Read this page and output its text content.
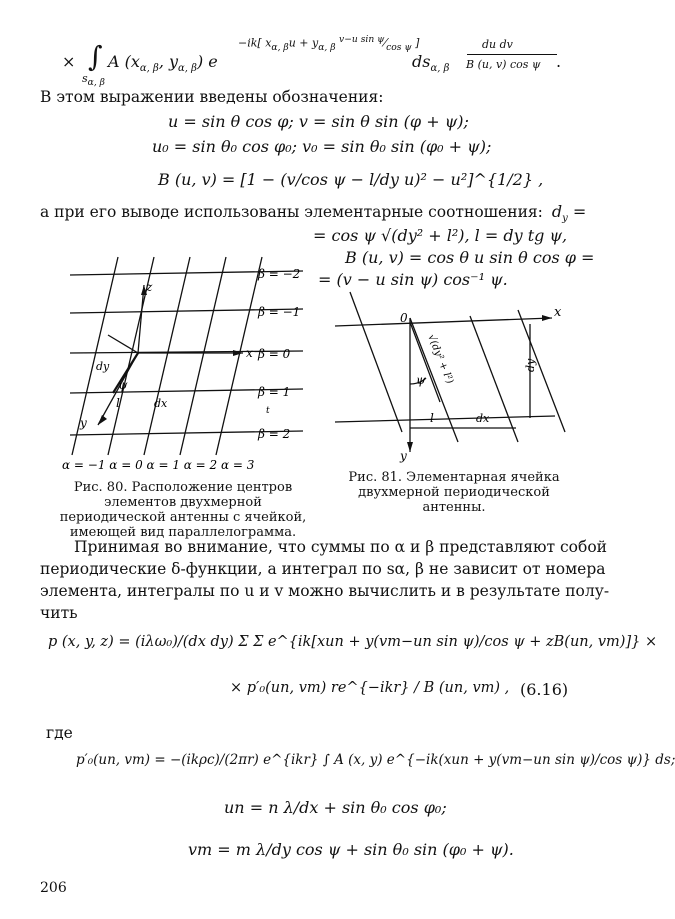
× ∫
$s_{\alpha, \beta}$
A ($x_{\alpha, \beta}$, $y_{\alpha, \beta}$) e
−ik[ $x_{\alpha, \beta}u + y_{\alpha, \beta}$ $^{v-u sin \psi}⁄_{cos \psi}$ ]
$ds_{\alpha, \beta}$
du dv
B (u, v) cos ψ .
В этом выражении введены обозначения:
u = sin θ cos φ; v = sin θ sin (φ + ψ);
u₀ = sin θ₀ cos φ₀; v₀ = sin θ₀ sin (φ₀ + ψ);
B (u, v) = [1 − (v/cos ψ − l/dy u)² − u²]^{1/2} ,
а при его выводе использованы элементарные соотношения: $d_y$ =
= cos ψ √(dy² + l²), l = dy tg ψ,
B (u, v) = cos θ и sin θ cos φ =
= (v − u sin ψ) cos⁻¹ ψ.
z
x
y
dy
ψ
l	dx
t
β = −2
β = −1
β = 0
β = 1
β = 2
α = −1 α = 0 α = 1 α = 2 α = 3
Рис. 80. Расположение центров элементов двухмерной периодической антенны с ячейкой, имеющей вид параллелограмма.
0	x
y
√(dy² + l²)	dy
ψ
l	dx
Рис. 81. Элементарная ячейка двухмерной периодической антенны.
Принимая во внимание, что суммы по α и β представляют собой
периодические δ-функции, а интеграл по sα, β не зависит от номера
элемента, интегралы по u и v можно вычислить и в результате полу-
чить
p (x, y, z) = (iλω₀)/(dx dy) Σ Σ e^{ik[xun + y(vm−un sin ψ)/cos ψ + zB(un, vm)]} ×
× p′₀(un, vm) re^{−ikr} / B (un, vm) , (6.16)
где
p′₀(un, vm) = −(ikρc)/(2πr) e^{ikr} ∫ A (x, y) e^{−ik(xun + y(vm−un sin ψ)/cos ψ)} ds;
un = n λ/dx + sin θ₀ cos φ₀;
vm = m λ/dy cos ψ + sin θ₀ sin (φ₀ + ψ).
206
